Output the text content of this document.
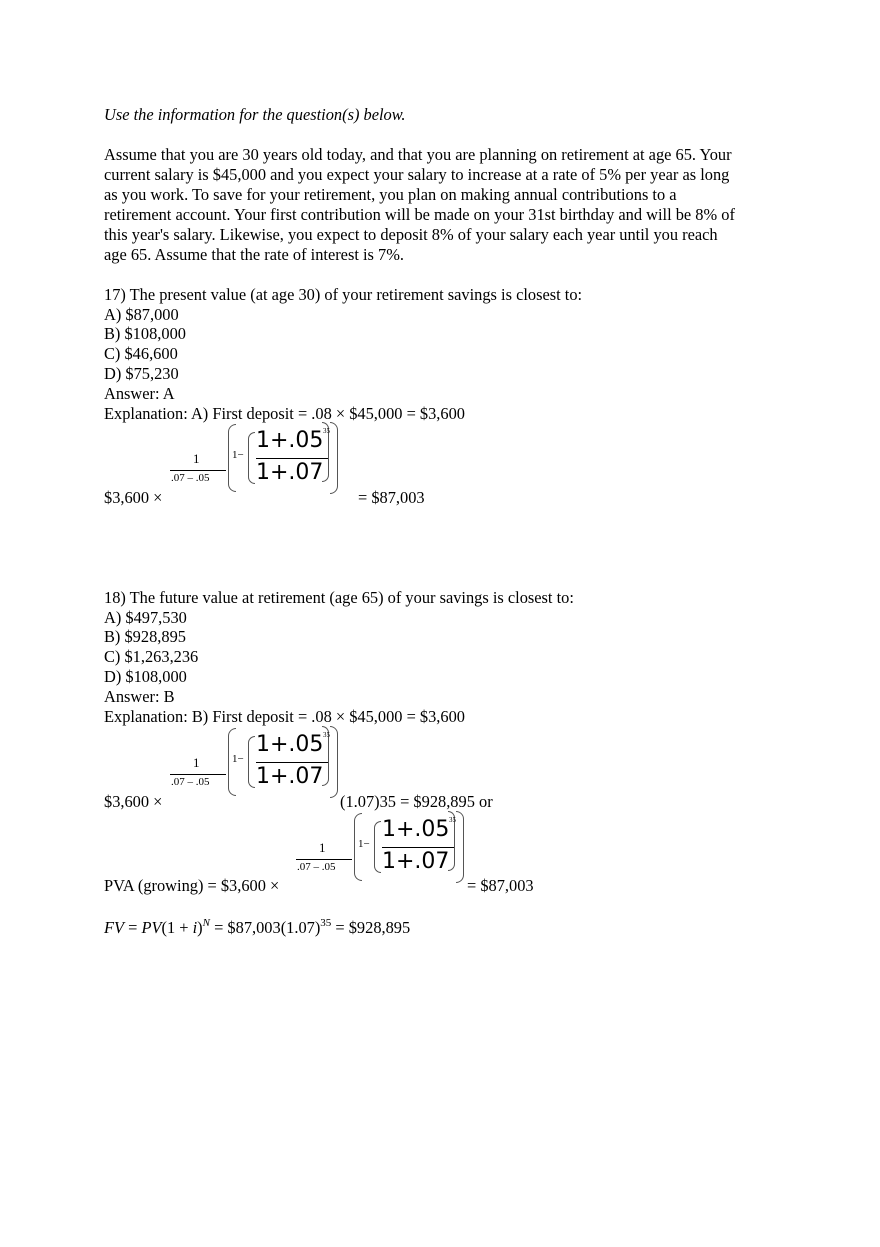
Use the information for the question(s) below.
Assume that you are 30 years old today, and that you are planning on retirement at age 65. Your
current salary is $45,000 and you expect your salary to increase at a rate of 5% per year as long
as you work. To save for your retirement, you plan on making annual contributions to a
retirement account. Your first contribution will be made on your 31st birthday and will be 8% of
this year's salary. Likewise, you expect to deposit 8% of your salary each year until you reach
age 65. Assume that the rate of interest is 7%.
17) The present value (at age 30) of your retirement savings is closest to:
A) $87,000
B) $108,000
C) $46,600
D) $75,230
Answer: A
Explanation: A) First deposit = .08 × $45,000 = $3,600
1
.07 – .05
1−
1+.05
1+.07
35
$3,600 ×	= $87,003
18) The future value at retirement (age 65) of your savings is closest to:
A) $497,530
B) $928,895
C) $1,263,236
D) $108,000
Answer: B
Explanation: B) First deposit = .08 × $45,000 = $3,600
1
.07 – .05
1−
1+.05
1+.07
35
$3,600 ×	(1.07)35 = $928,895 or
1
.07 – .05
1−
1+.05
1+.07
35
PVA (growing) = $3,600 ×	= $87,003
FV = $PV(1 + i)^N$ = $\$87,003(1.07)^{35}$ = $928,895
